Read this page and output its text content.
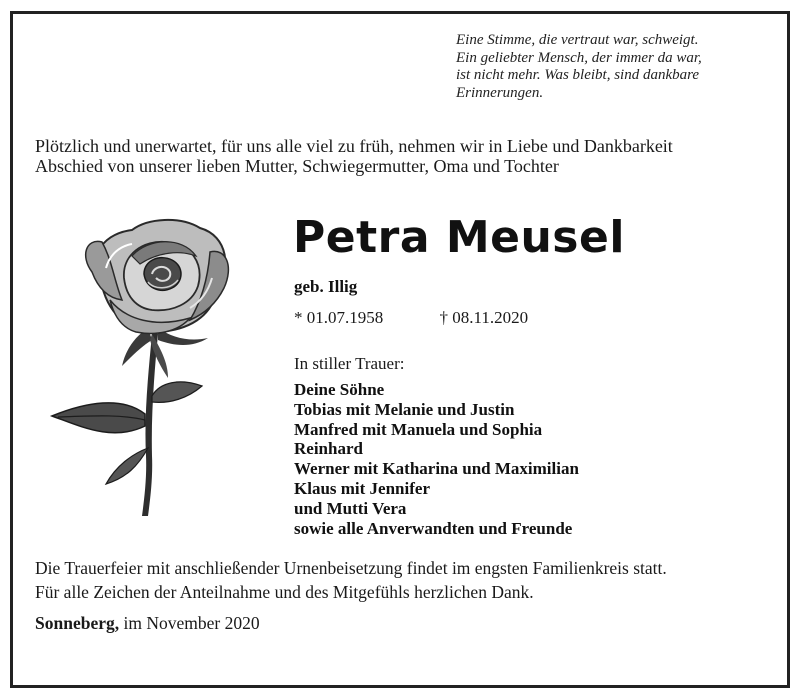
Eine Stimme, die vertraut war, schweigt.
Ein geliebter Mensch, der immer da war,
ist nicht mehr. Was bleibt, sind dankbare
Erinnerungen.
Plötzlich und unerwartet, für uns alle viel zu früh, nehmen wir in Liebe und Dankbarkeit
Abschied von unserer lieben Mutter, Schwiegermutter, Oma und Tochter
Petra Meusel
geb. Illig
* 01.07.1958	† 08.11.2020
In stiller Trauer:
Deine Söhne
Tobias mit Melanie und Justin
Manfred mit Manuela und Sophia
Reinhard
Werner mit Katharina und Maximilian
Klaus mit Jennifer
und Mutti Vera
sowie alle Anverwandten und Freunde
Die Trauerfeier mit anschließender Urnenbeisetzung findet im engsten Familienkreis statt.
Für alle Zeichen der Anteilnahme und des Mitgefühls herzlichen Dank.
Sonneberg, im November 2020
